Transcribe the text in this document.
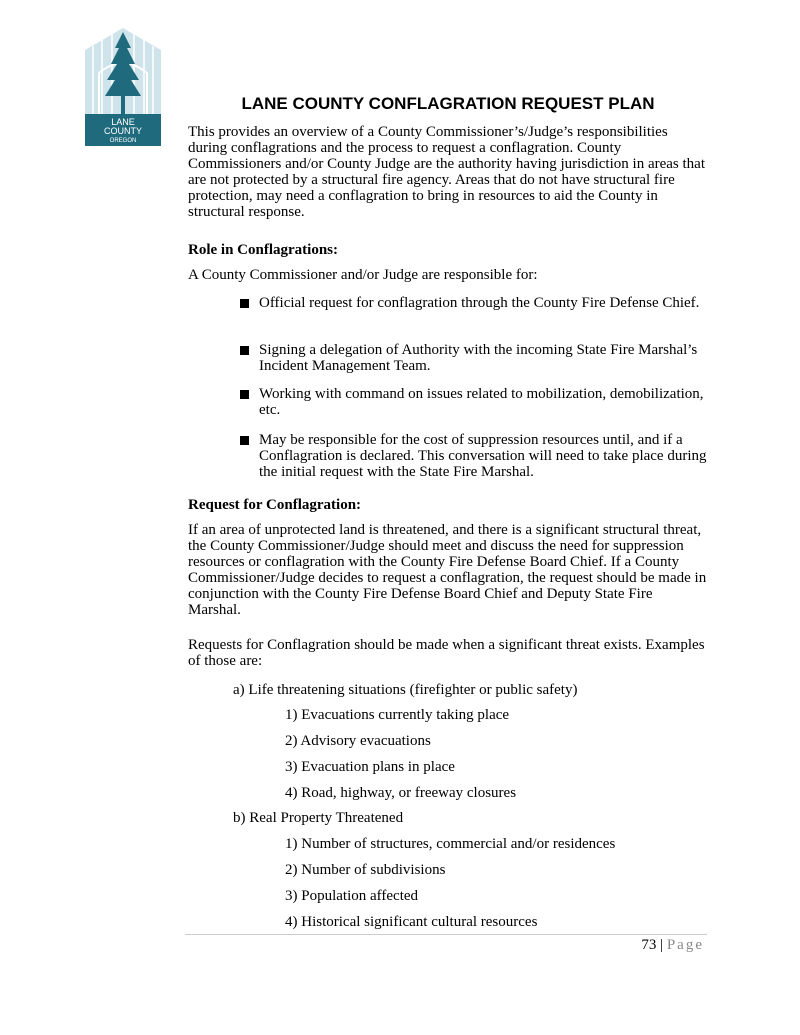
LANE
COUNTY
OREGON
LANE COUNTY CONFLAGRATION REQUEST PLAN
This provides an overview of a County Commissioner’s/Judge’s responsibilities during conflagrations and the process to request a conflagration. County Commissioners and/or County Judge are the authority having jurisdiction in areas that are not protected by a structural fire agency. Areas that do not have structural fire protection, may need a conflagration to bring in resources to aid the County in structural response.
Role in Conflagrations:
A County Commissioner and/or Judge are responsible for:
Official request for conflagration through the County Fire Defense Chief.
Signing a delegation of Authority with the incoming State Fire Marshal’s Incident Management Team.
Working with command on issues related to mobilization, demobilization, etc.
May be responsible for the cost of suppression resources until, and if a Conflagration is declared. This conversation will need to take place during the initial request with the State Fire Marshal.
Request for Conflagration:
If an area of unprotected land is threatened, and there is a significant structural threat, the County Commissioner/Judge should meet and discuss the need for suppression resources or conflagration with the County Fire Defense Board Chief. If a County Commissioner/Judge decides to request a conflagration, the request should be made in conjunction with the County Fire Defense Board Chief and Deputy State Fire Marshal.
Requests for Conflagration should be made when a significant threat exists. Examples of those are:
a) Life threatening situations (firefighter or public safety)
1) Evacuations currently taking place
2) Advisory evacuations
3) Evacuation plans in place
4) Road, highway, or freeway closures
b) Real Property Threatened
1) Number of structures, commercial and/or residences
2) Number of subdivisions
3) Population affected
4) Historical significant cultural resources
73 | Page
